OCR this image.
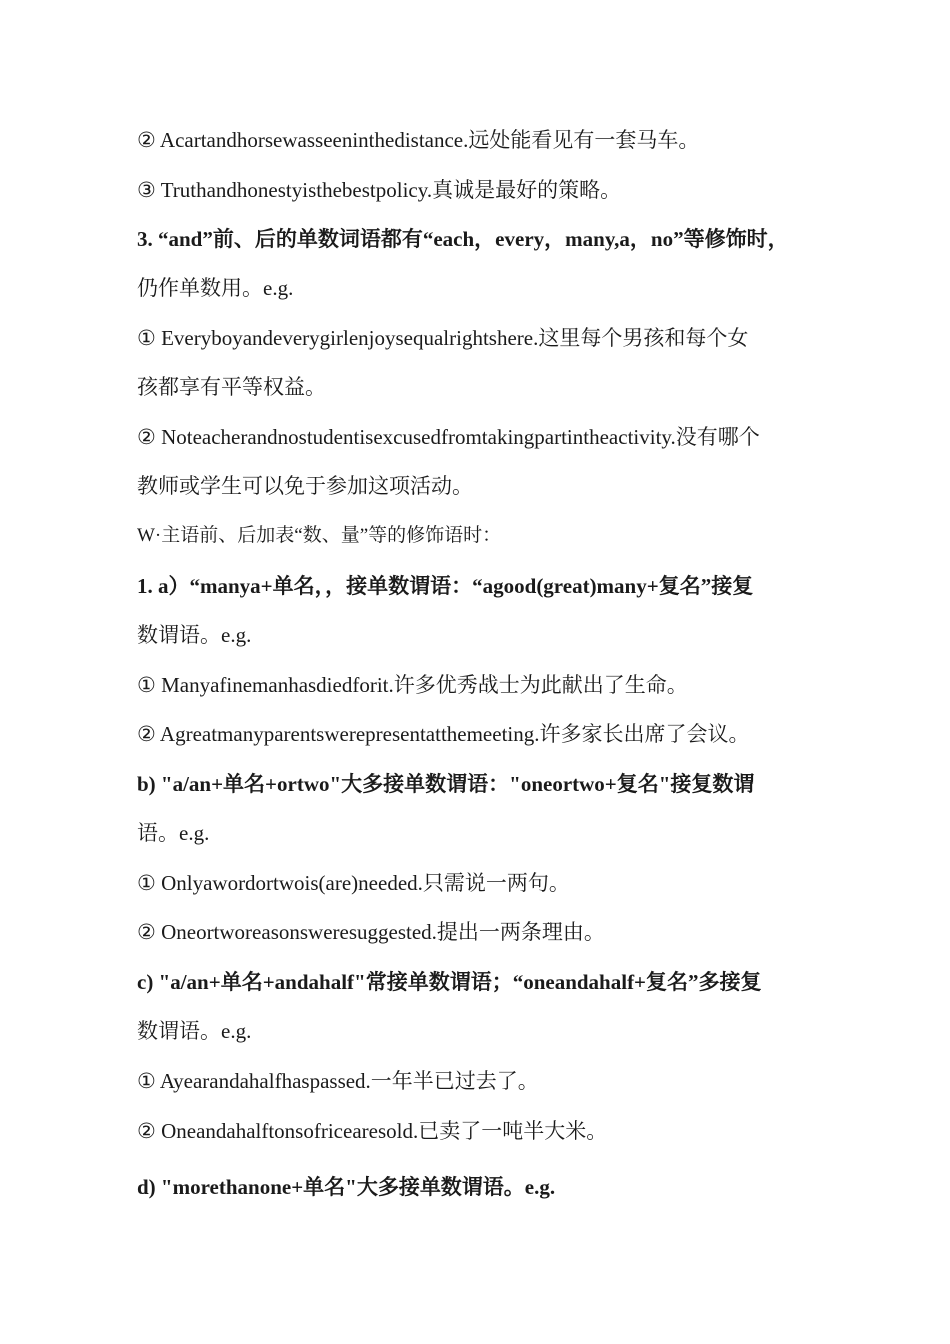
② Acartandhorsewasseeninthedistance.远处能看见有一套马车。
③ Truthandhonestyisthebestpolicy.真诚是最好的策略。
3. “and”前、后的单数词语都有“each，every，many,a，no”等修饰时，
仍作单数用。e.g.
① Everyboyandeverygirlenjoysequalrightshere.这里每个男孩和每个女
孩都享有平等权益。
② Noteacherandnostudentisexcusedfromtakingpartintheactivity.没有哪个
教师或学生可以免于参加这项活动。
W·主语前、后加表“数、量”等的修饰语时：
1. a）“manya+单名，，接单数谓语：“agood(great)many+复名”接复
数谓语。e.g.
① Manyafinemanhasdiedforit.许多优秀战士为此献出了生命。
② Agreatmanyparentswerepresentatthemeeting.许多家长出席了会议。
b) "a/an+单名+ortwo"大多接单数谓语："oneortwo+复名"接复数谓
语。e.g.
① Onlyawordortwois(are)needed.只需说一两句。
② Oneortworeasonsweresuggested.提出一两条理由。
c) "a/an+单名+andahalf"常接单数谓语；“oneandahalf+复名”多接复
数谓语。e.g.
① Ayearandahalfhaspassed.一年半已过去了。
② Oneandahalftonsofricearesold.已卖了一吨半大米。
d) "morethanone+单名"大多接单数谓语。e.g.
